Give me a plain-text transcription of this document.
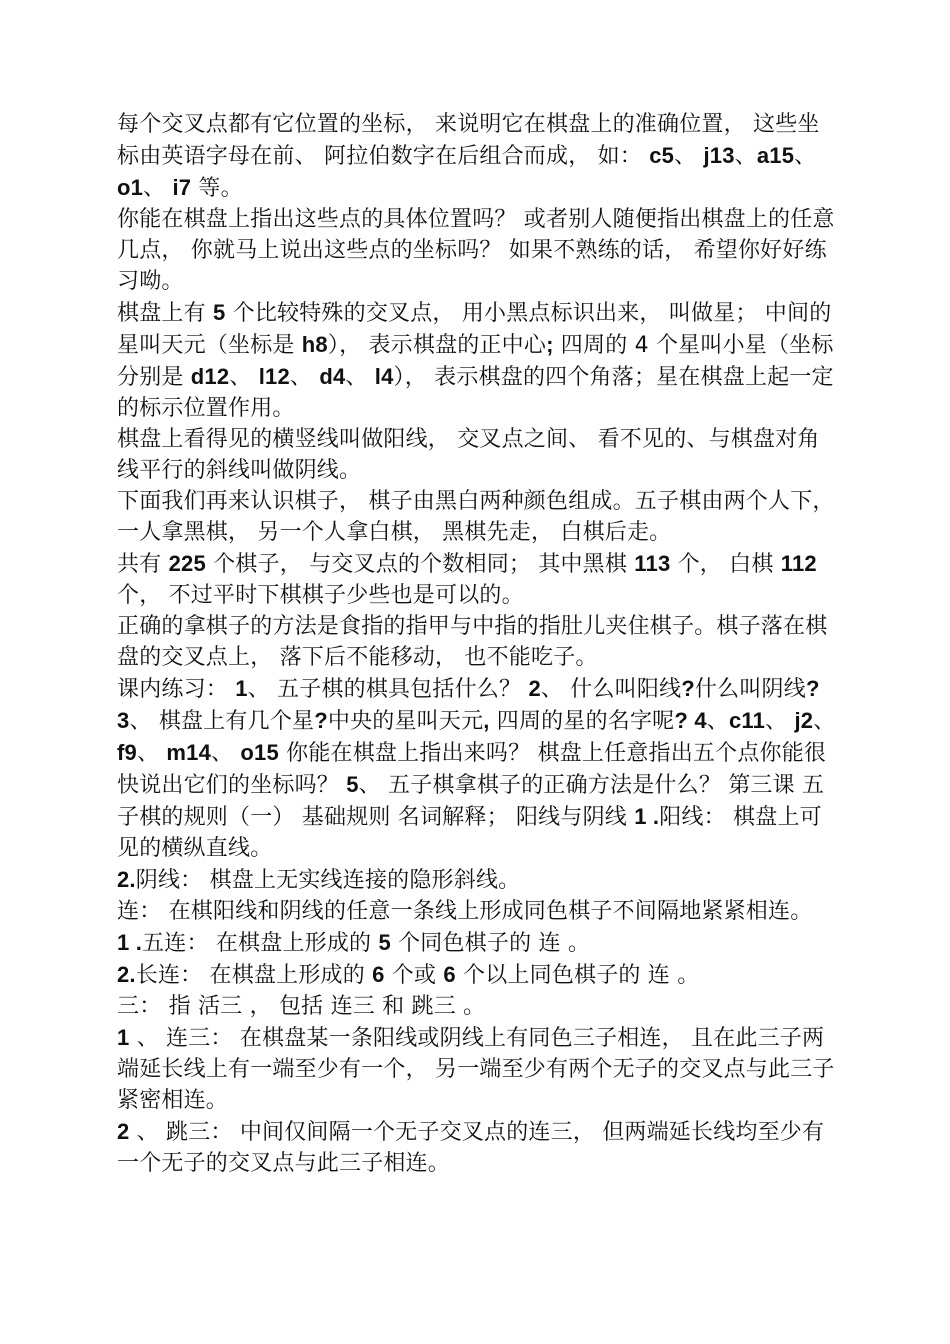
每个交叉点都有它位置的坐标， 来说明它在棋盘上的准确位置， 这些坐标由英语字母在前、 阿拉伯数字在后组合而成， 如： c5、 j13、a15、 o1、 i7 等。

你能在棋盘上指出这些点的具体位置吗？ 或者别人随便指出棋盘上的任意几点， 你就马上说出这些点的坐标吗？ 如果不熟练的话， 希望你好好练习呦。

棋盘上有 5 个比较特殊的交叉点， 用小黑点标识出来， 叫做星； 中间的星叫天元（坐标是 h8）， 表示棋盘的正中心; 四周的 4 个星叫小星（坐标分别是 d12、 l12、 d4、 l4）， 表示棋盘的四个角落；星在棋盘上起一定的标示位置作用。

棋盘上看得见的横竖线叫做阳线， 交叉点之间、 看不见的、与棋盘对角线平行的斜线叫做阴线。

下面我们再来认识棋子， 棋子由黑白两种颜色组成。五子棋由两个人下，一人拿黑棋， 另一个人拿白棋， 黑棋先走， 白棋后走。

共有 225 个棋子， 与交叉点的个数相同； 其中黑棋 113 个， 白棋 112 个， 不过平时下棋棋子少些也是可以的。

正确的拿棋子的方法是食指的指甲与中指的指肚儿夹住棋子。棋子落在棋盘的交叉点上， 落下后不能移动， 也不能吃子。

课内练习： 1、 五子棋的棋具包括什么？ 2、 什么叫阳线?什么叫阴线? 3、 棋盘上有几个星?中央的星叫天元, 四周的星的名字呢? 4、c11、 j2、 f9、 m14、 o15 你能在棋盘上指出来吗？ 棋盘上任意指出五个点你能很快说出它们的坐标吗？ 5、 五子棋拿棋子的正确方法是什么？ 第三课 五子棋的规则（一） 基础规则 名词解释； 阳线与阴线 1 .阳线： 棋盘上可见的横纵直线。

2.阴线： 棋盘上无实线连接的隐形斜线。

连： 在棋阳线和阴线的任意一条线上形成同色棋子不间隔地紧紧相连。

1 .五连： 在棋盘上形成的 5 个同色棋子的 连 。

2.长连： 在棋盘上形成的 6 个或 6 个以上同色棋子的 连 。

三： 指 活三 ， 包括 连三 和 跳三 。

1 、 连三： 在棋盘某一条阳线或阴线上有同色三子相连， 且在此三子两端延长线上有一端至少有一个， 另一端至少有两个无子的交叉点与此三子紧密相连。

2 、 跳三： 中间仅间隔一个无子交叉点的连三， 但两端延长线均至少有一个无子的交叉点与此三子相连。
